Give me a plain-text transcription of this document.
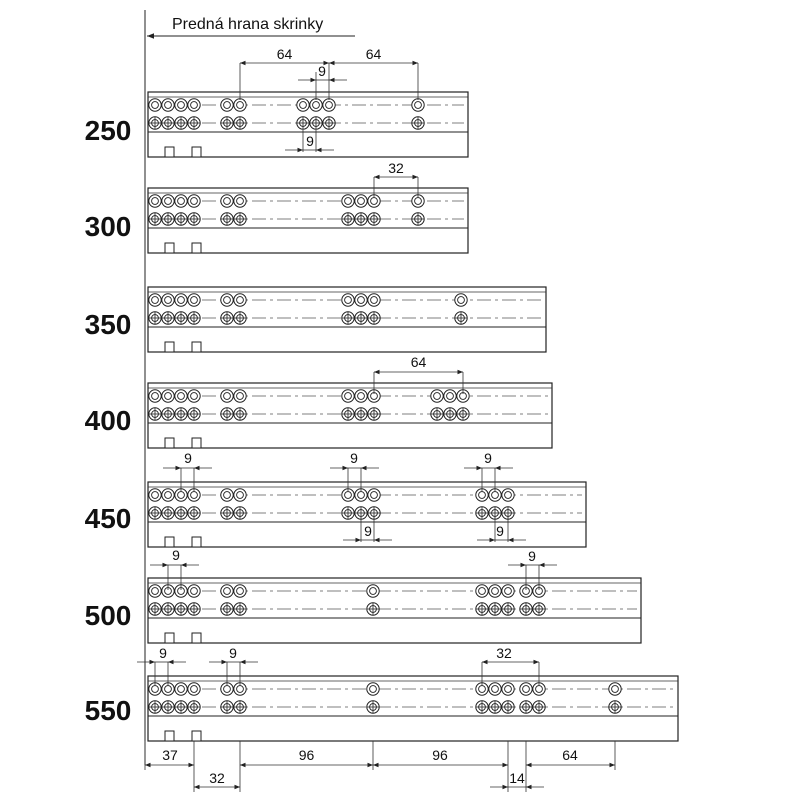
Predná hrana skrinky
250
300
350
400
450
500
550
64
9
64
9
32
64
9	9	9
9	9
9	9
9	9	32
37	96	96	64
32	14
